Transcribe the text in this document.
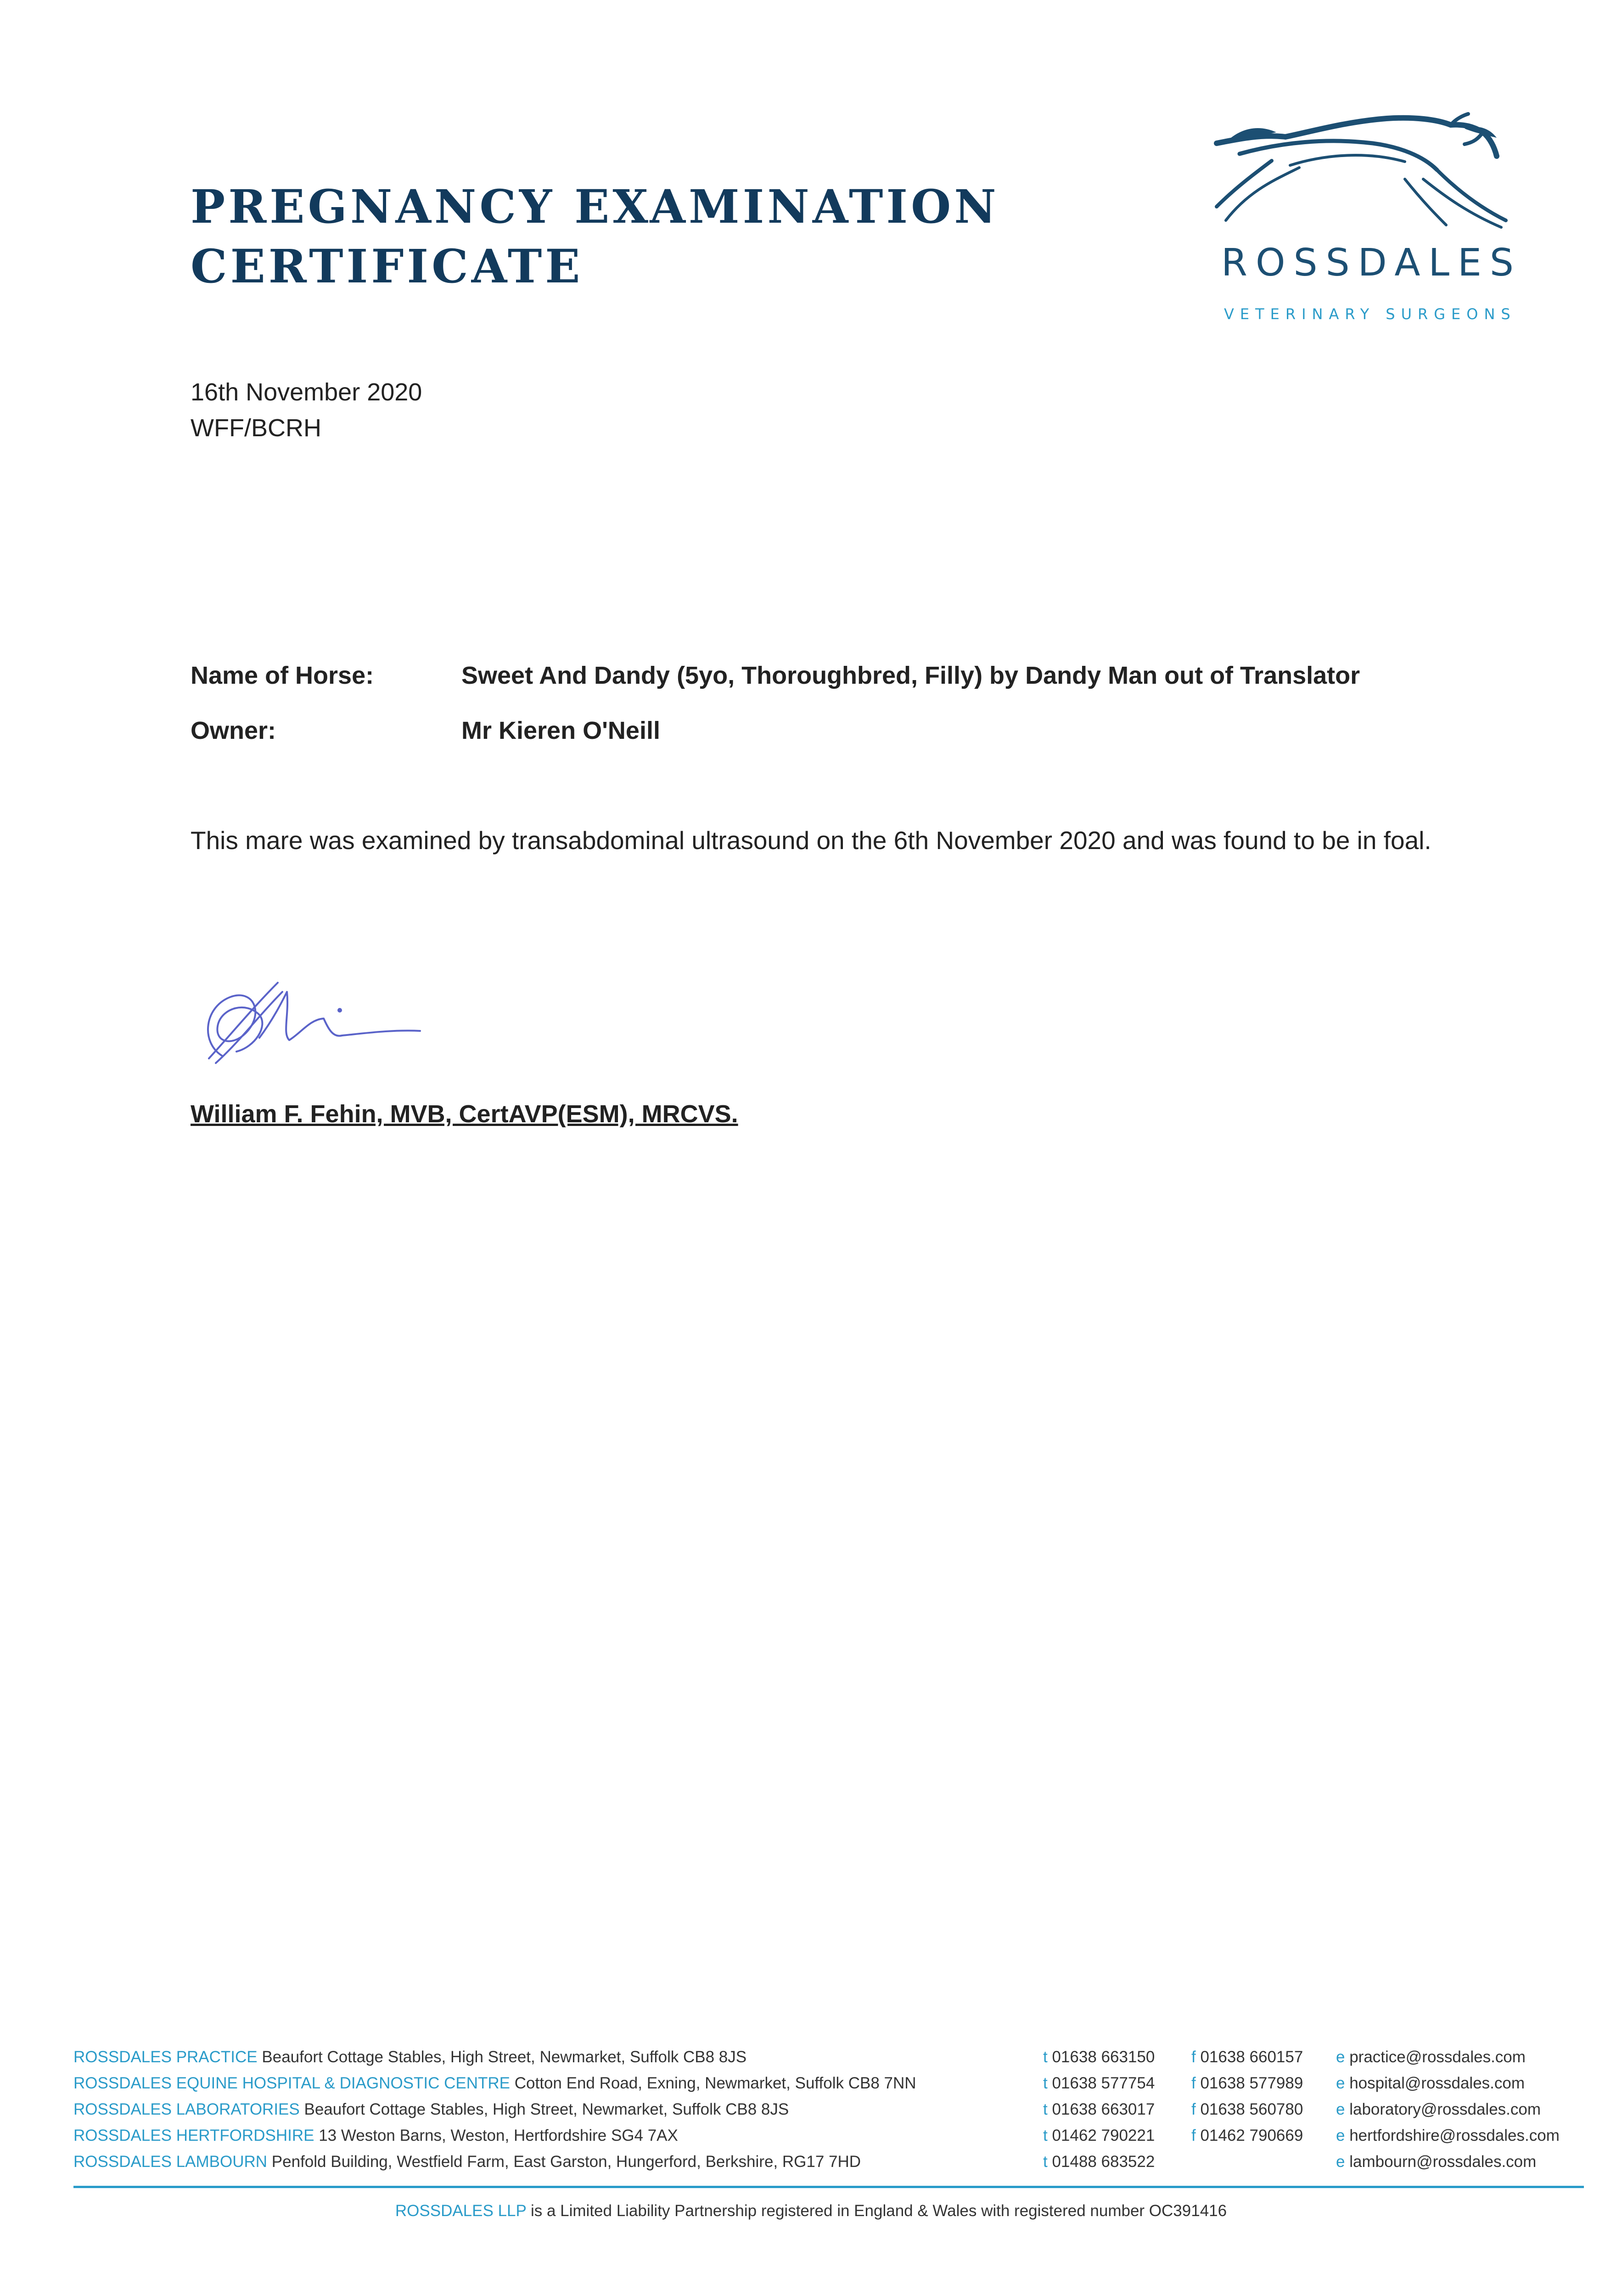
PREGNANCY EXAMINATION
CERTIFICATE	ROSSDALES
VETERINARY SURGEONS
16th November 2020
WFF/BCRH
Name of Horse:	Sweet And Dandy (5yo, Thoroughbred, Filly) by Dandy Man out of Translator
Owner:	Mr Kieren O'Neill
This mare was examined by transabdominal ultrasound on the 6th November 2020 and was found to be in foal.
William F. Fehin, MVB, CertAVP(ESM), MRCVS.
ROSSDALES PRACTICE Beaufort Cottage Stables, High Street, Newmarket, Suffolk CB8 8JS	t 01638 663150 f 01638 660157 e practice@rossdales.com
ROSSDALES EQUINE HOSPITAL & DIAGNOSTIC CENTRE Cotton End Road, Exning, Newmarket, Suffolk CB8 7NN	t 01638 577754 f 01638 577989 e hospital@rossdales.com
ROSSDALES LABORATORIES Beaufort Cottage Stables, High Street, Newmarket, Suffolk CB8 8JS	t 01638 663017 f 01638 560780 e laboratory@rossdales.com
ROSSDALES HERTFORDSHIRE 13 Weston Barns, Weston, Hertfordshire SG4 7AX	t 01462 790221 f 01462 790669 e hertfordshire@rossdales.com
ROSSDALES LAMBOURN Penfold Building, Westfield Farm, East Garston, Hungerford, Berkshire, RG17 7HD	t 01488 683522	e lambourn@rossdales.com
ROSSDALES LLP is a Limited Liability Partnership registered in England & Wales with registered number OC391416
